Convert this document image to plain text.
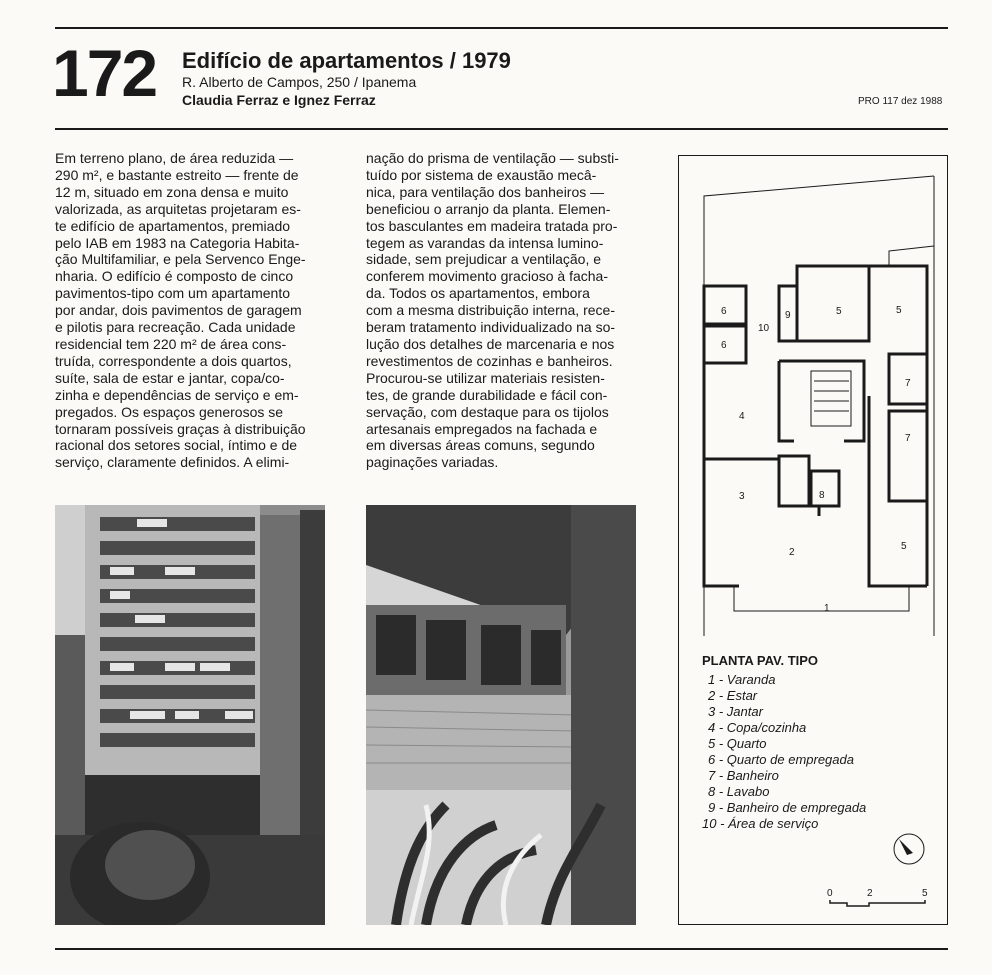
172 Edifício de apartamentos / 1979
R. Alberto de Campos, 250 / Ipanema
Claudia Ferraz e Ignez Ferraz	PRO 117 dez 1988
Em terreno plano, de área reduzida —
290 m², e bastante estreito — frente de
12 m, situado em zona densa e muito
valorizada, as arquitetas projetaram es-
te edifício de apartamentos, premiado
pelo IAB em 1983 na Categoria Habita-
ção Multifamiliar, e pela Servenco Enge-
nharia. O edifício é composto de cinco
pavimentos-tipo com um apartamento
por andar, dois pavimentos de garagem
e pilotis para recreação. Cada unidade
residencial tem 220 m² de área cons-
truída, correspondente a dois quartos,
suíte, sala de estar e jantar, copa/co-
zinha e dependências de serviço e em-
pregados. Os espaços generosos se
tornaram possíveis graças à distribuição
racional dos setores social, íntimo e de
serviço, claramente definidos. A elimi-
nação do prisma de ventilação — substi-
tuído por sistema de exaustão mecâ-
nica, para ventilação dos banheiros —
beneficiou o arranjo da planta. Elemen-
tos basculantes em madeira tratada pro-
tegem as varandas da intensa lumino-
sidade, sem prejudicar a ventilação, e
conferem movimento gracioso à facha-
da. Todos os apartamentos, embora
com a mesma distribuição interna, rece-
beram tratamento individualizado na so-
lução dos detalhes de marcenaria e nos
revestimentos de cozinhas e banheiros.
Procurou-se utilizar materiais resisten-
tes, de grande durabilidade e fácil con-
servação, com destaque para os tijolos
artesanais empregados na fachada e
em diversas áreas comuns, segundo
paginações variadas.
1
2
3
4
5	5
5
6
6
7
7
8
9
10
0	2	5
PLANTA PAV. TIPO
1 - Varanda
2 - Estar
3 - Jantar
4 - Copa/cozinha
5 - Quarto
6 - Quarto de empregada
7 - Banheiro
8 - Lavabo
9 - Banheiro de empregada
10 - Área de serviço
